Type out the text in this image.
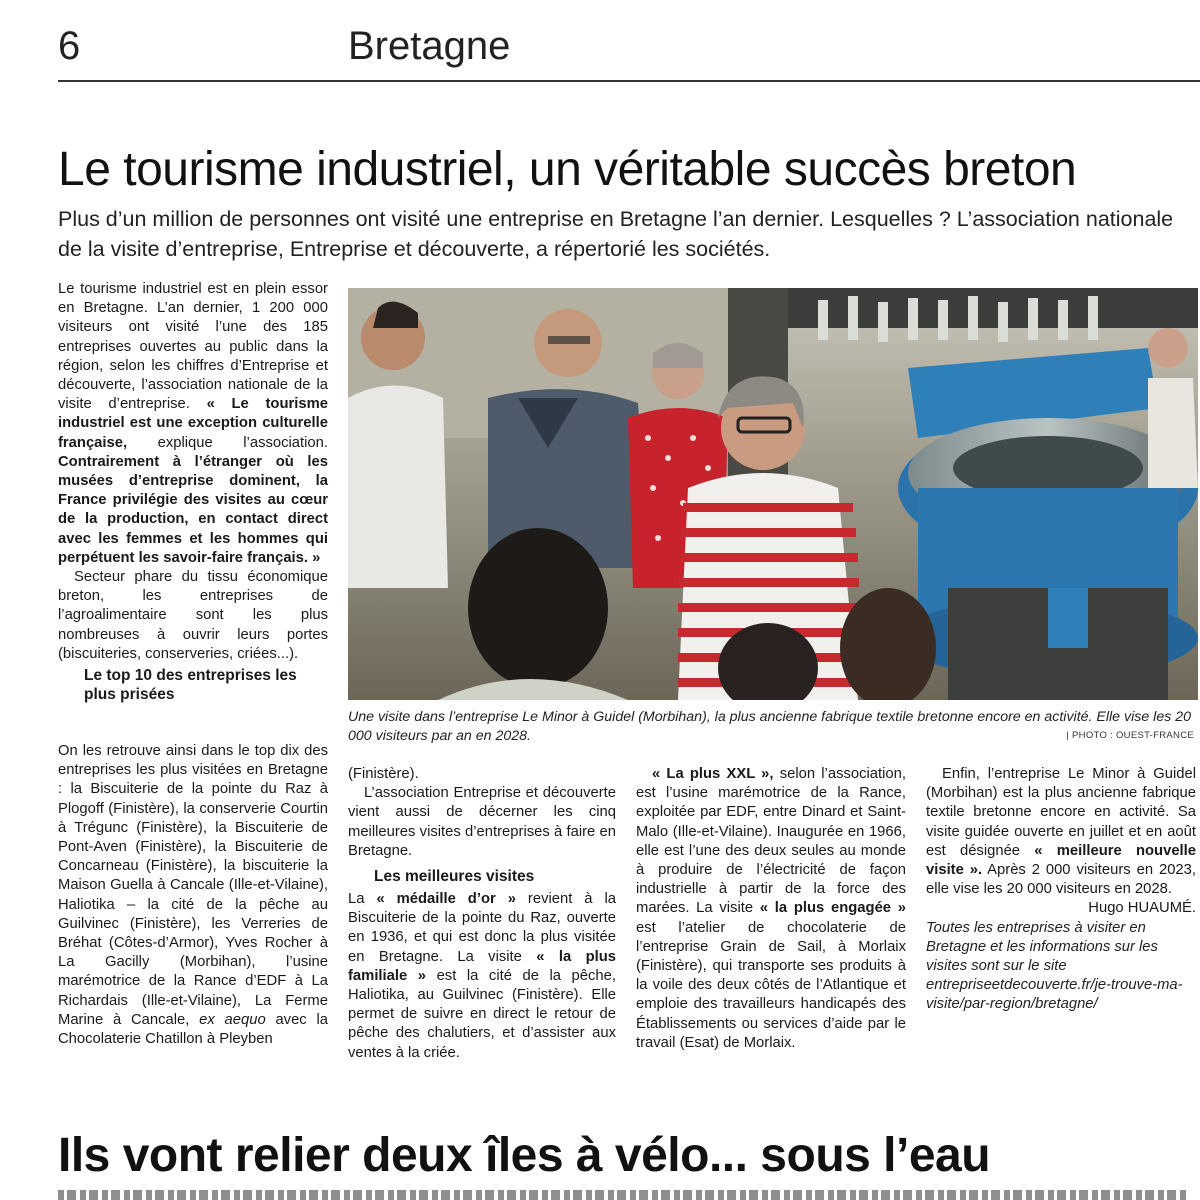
6	Bretagne
Le tourisme industriel, un véritable succès breton

Plus d’un million de personnes ont visité une entreprise en Bretagne l’an dernier. Lesquelles ? L’association nationale de la visite d’entreprise, Entreprise et découverte, a répertorié les sociétés.

Le tourisme industriel est en plein essor en Bretagne. L’an dernier, 1 200 000 visiteurs ont visité l’une des 185 entreprises ouvertes au public dans la région, selon les chiffres d’Entreprise et découverte, l’association nationale de la visite d’entreprise. « Le tourisme industriel est une exception culturelle française, explique l’association. Contrairement à l’étranger où les musées d’entreprise dominent, la France privilégie des visites au cœur de la production, en contact direct avec les femmes et les hommes qui perpétuent les savoir-faire français. »

Secteur phare du tissu économique breton, les entreprises de l’agroalimentaire sont les plus nombreuses à ouvrir leurs portes (biscuiteries, conserveries, criées...).

Le top 10 des entreprises les plus prisées

On les retrouve ainsi dans le top dix des entreprises les plus visitées en Bretagne : la Biscuiterie de la pointe du Raz à Plogoff (Finistère), la conserverie Courtin à Trégunc (Finistère), la Biscuiterie de Pont-Aven (Finistère), la Biscuiterie de Concarneau (Finistère), la biscuiterie la Maison Guella à Cancale (Ille-et-Vilaine), Haliotika – la cité de la pêche au Guilvinec (Finistère), les Verreries de Bréhat (Côtes-d’Armor), Yves Rocher à La Gacilly (Morbihan), l’usine marémotrice de la Rance d’EDF à La Richardais (Ille-et-Vilaine), La Ferme Marine à Cancale, ex aequo avec la Chocolaterie Chatillon à Pleyben

Une visite dans l’entreprise Le Minor à Guidel (Morbihan), la plus ancienne fabrique textile bretonne encore en activité. Elle vise les 20 000 visiteurs par an en 2028.	| PHOTO : OUEST-FRANCE

(Finistère).

L’association Entreprise et découverte vient aussi de décerner les cinq meilleures visites d’entreprises à faire en Bretagne.

Les meilleures visites

La « médaille d’or » revient à la Biscuiterie de la pointe du Raz, ouverte en 1936, et qui est donc la plus visitée en Bretagne. La visite « la plus familiale » est la cité de la pêche, Haliotika, au Guilvinec (Finistère). Elle permet de suivre en direct le retour de pêche des chalutiers, et d’assister aux ventes à la criée.

« La plus XXL », selon l’association, est l’usine marémotrice de la Rance, exploitée par EDF, entre Dinard et Saint-Malo (Ille-et-Vilaine). Inaugurée en 1966, elle est l’une des deux seules au monde à produire de l’électricité de façon industrielle à partir de la force des marées. La visite « la plus engagée » est l’atelier de chocolaterie de l’entreprise Grain de Sail, à Morlaix (Finistère), qui transporte ses produits à la voile des deux côtés de l’Atlantique et emploie des travailleurs handicapés des Établissements ou services d’aide par le travail (Esat) de Morlaix.

Enfin, l’entreprise Le Minor à Guidel (Morbihan) est la plus ancienne fabrique textile bretonne encore en activité. Sa visite guidée ouverte en juillet et en août est désignée « meilleure nouvelle visite ». Après 2 000 visiteurs en 2023, elle vise les 20 000 visiteurs en 2028.

Hugo HUAUMÉ.

Toutes les entreprises à visiter en Bretagne et les informations sur les visites sont sur le site entrepriseetdecouverte.fr/je-trouve-ma-visite/par-region/bretagne/

Ils vont relier deux îles à vélo... sous l’eau
